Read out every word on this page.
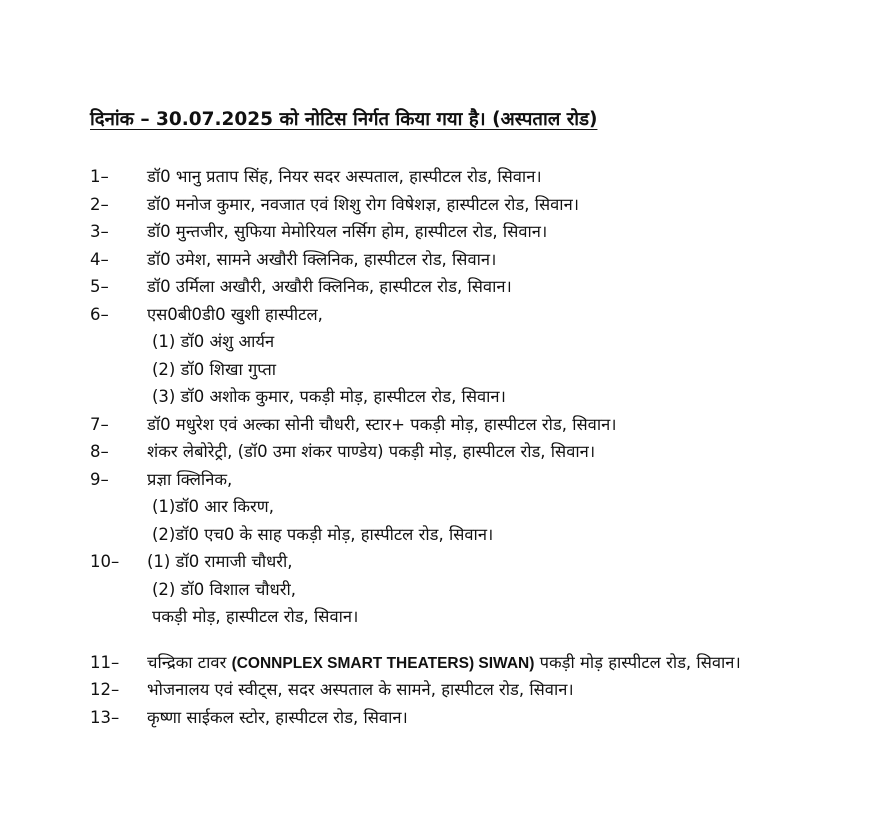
दिनांक – 30.07.2025 को नोटिस निर्गत किया गया है। (अस्पताल रोड)
1–	डॉ0 भानु प्रताप सिंह, नियर सदर अस्पताल, हास्पीटल रोड, सिवान।
2–	डॉ0 मनोज कुमार, नवजात एवं शिशु रोग विषेशज्ञ, हास्पीटल रोड, सिवान।
3–	डॉ0 मुन्तजीर, सुफिया मेमोरियल नर्सिग होम, हास्पीटल रोड, सिवान।
4–	डॉ0 उमेश, सामने अखौरी क्लिनिक, हास्पीटल रोड, सिवान।
5–	डॉ0 उर्मिला अखौरी, अखौरी क्लिनिक, हास्पीटल रोड, सिवान।
6–	एस0बी0डी0 खुशी हास्पीटल,
(1) डॉ0 अंशु आर्यन
(2) डॉ0 शिखा गुप्ता
(3) डॉ0 अशोक कुमार, पकड़ी मोड़, हास्पीटल रोड, सिवान।
7–	डॉ0 मधुरेश एवं अल्का सोनी चौधरी, स्टार+ पकड़ी मोड़, हास्पीटल रोड, सिवान।
8–	शंकर लेबोरेट्री, (डॉ0 उमा शंकर पाण्डेय) पकड़ी मोड़, हास्पीटल रोड, सिवान।
9–	प्रज्ञा क्लिनिक,
(1)डॉ0 आर किरण,
(2)डॉ0 एच0 के साह पकड़ी मोड़, हास्पीटल रोड, सिवान।
10–	(1) डॉ0 रामाजी चौधरी,
(2) डॉ0 विशाल चौधरी,
पकड़ी मोड़, हास्पीटल रोड, सिवान।
11–	चन्द्रिका टावर (CONNPLEX SMART THEATERS) SIWAN) पकड़ी मोड़ हास्पीटल रोड, सिवान।
12–	भोजनालय एवं स्वीट्स, सदर अस्पताल के सामने, हास्पीटल रोड, सिवान।
13–	कृष्णा साईकल स्टोर, हास्पीटल रोड, सिवान।
